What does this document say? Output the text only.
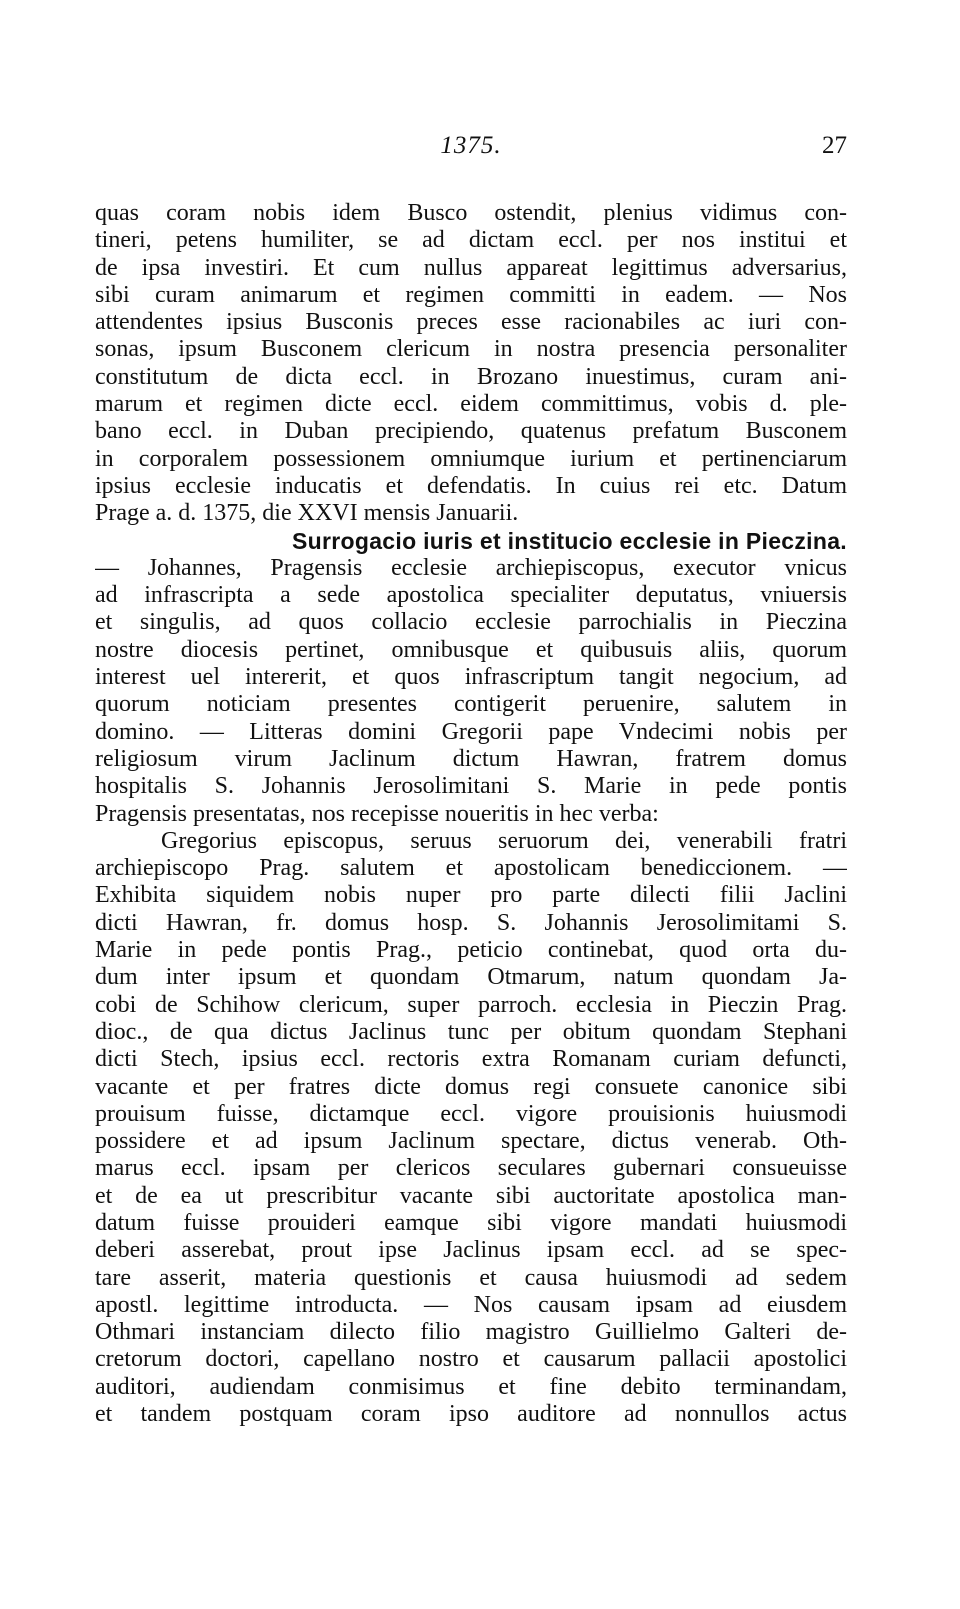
1375.	27
quas coram nobis idem Busco ostendit, plenius vidimus con-
tineri, petens humiliter, se ad dictam eccl. per nos institui et
de ipsa investiri. Et cum nullus appareat legittimus adversarius,
sibi curam animarum et regimen committi in eadem. — Nos
attendentes ipsius Busconis preces esse racionabiles ac iuri con-
sonas, ipsum Busconem clericum in nostra presencia personaliter
constitutum de dicta eccl. in Brozano inuestimus, curam ani-
marum et regimen dicte eccl. eidem committimus, vobis d. ple-
bano eccl. in Duban precipiendo, quatenus prefatum Busconem
in corporalem possessionem omniumque iurium et pertinenciarum
ipsius ecclesie inducatis et defendatis. In cuius rei etc. Datum
Prage a. d. 1375, die XXVI mensis Januarii.
Surrogacio iuris et institucio ecclesie in Pieczina.
— Johannes, Pragensis ecclesie archiepiscopus, executor vnicus
ad infrascripta a sede apostolica specialiter deputatus, vniuersis
et singulis, ad quos collacio ecclesie parrochialis in Pieczina
nostre diocesis pertinet, omnibusque et quibusuis aliis, quorum
interest uel intererit, et quos infrascriptum tangit negocium, ad
quorum noticiam presentes contigerit peruenire, salutem in
domino. — Litteras domini Gregorii pape Vndecimi nobis per
religiosum virum Jaclinum dictum Hawran, fratrem domus
hospitalis S. Johannis Jerosolimitani S. Marie in pede pontis
Pragensis presentatas, nos recepisse noueritis in hec verba:
Gregorius episcopus, seruus seruorum dei, venerabili fratri
archiepiscopo Prag. salutem et apostolicam benediccionem. —
Exhibita siquidem nobis nuper pro parte dilecti filii Jaclini
dicti Hawran, fr. domus hosp. S. Johannis Jerosolimitami S.
Marie in pede pontis Prag., peticio continebat, quod orta du-
dum inter ipsum et quondam Otmarum, natum quondam Ja-
cobi de Schihow clericum, super parroch. ecclesia in Pieczin Prag.
dioc., de qua dictus Jaclinus tunc per obitum quondam Stephani
dicti Stech, ipsius eccl. rectoris extra Romanam curiam defuncti,
vacante et per fratres dicte domus regi consuete canonice sibi
prouisum fuisse, dictamque eccl. vigore prouisionis huiusmodi
possidere et ad ipsum Jaclinum spectare, dictus venerab. Oth-
marus eccl. ipsam per clericos seculares gubernari consueuisse
et de ea ut prescribitur vacante sibi auctoritate apostolica man-
datum fuisse prouideri eamque sibi vigore mandati huiusmodi
deberi asserebat, prout ipse Jaclinus ipsam eccl. ad se spec-
tare asserit, materia questionis et causa huiusmodi ad sedem
apostl. legittime introducta. — Nos causam ipsam ad eiusdem
Othmari instanciam dilecto filio magistro Guillielmo Galteri de-
cretorum doctori, capellano nostro et causarum pallacii apostolici
auditori, audiendam conmisimus et fine debito terminandam,
et tandem postquam coram ipso auditore ad nonnullos actus
